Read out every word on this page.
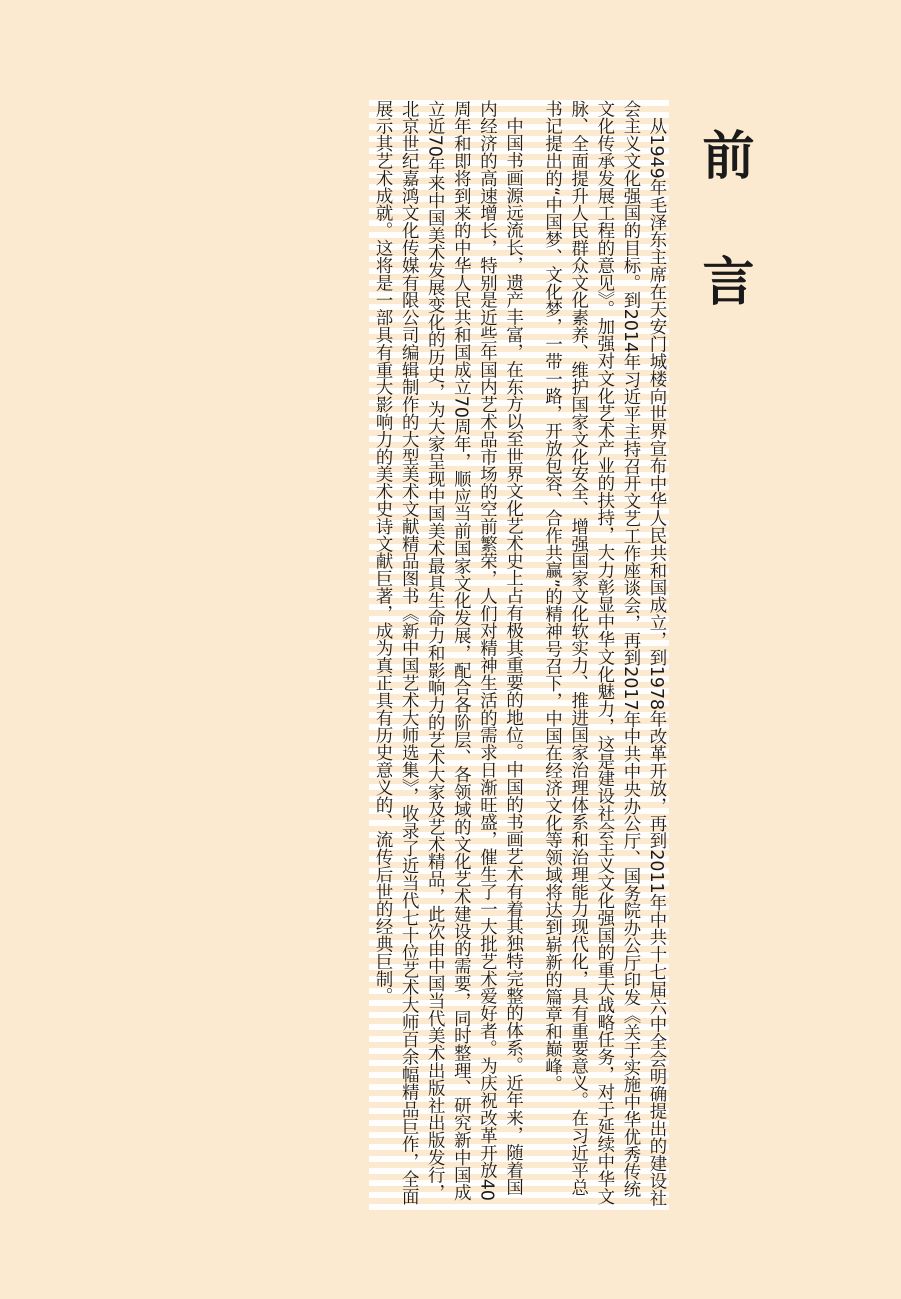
前 言

从1949年毛泽东主席在天安门城楼向世界宣布中华人民共和国成立，到1978年改革开放，再到2011年中共十七届六中全会明确提出的建设社会主义文化强国的目标。到2014年习近平主持召开文艺工作座谈会，再到2017年中共中央办公厅、国务院办公厅印发《关于实施中华优秀传统文化传承发展工程的意见》。加强对文化艺术产业的扶持，大力彰显中华文化魅力，这是建设社会主义文化强国的重大战略任务，对于延续中华文脉、全面提升人民群众文化素养、维护国家文化安全、增强国家文化软实力、推进国家治理体系和治理能力现代化，具有重要意义。在习近平总书记提出的“中国梦、文化梦，一带一路，开放包容、合作共赢”的精神号召下，中国在经济文化等领域将达到崭新的篇章和巅峰。

中国书画源远流长，遗产丰富，在东方以至世界文化艺术史上占有极其重要的地位。中国的书画艺术有着其独特完整的体系。近年来，随着国内经济的高速增长，特别是近些年国内艺术品市场的空前繁荣，人们对精神生活的需求日渐旺盛，催生了一大批艺术爱好者。为庆祝改革开放40周年和即将到来的中华人民共和国成立70周年，顺应当前国家文化发展，配合各阶层、各领域的文化艺术建设的需要，同时整理、研究新中国成立近70年来中国美术发展变化的历史，为大家呈现中国美术最具生命力和影响力的艺术大家及艺术精品，此次由中国当代美术出版社出版发行，北京世纪嘉鸿文化传媒有限公司编辑制作的大型美术文献精品图书《新中国艺术大师选集》，收录了近当代七十位艺术大师百余幅精品巨作，全面展示其艺术成就。这将是一部具有重大影响力的美术史诗文献巨著，成为真正具有历史意义的、流传后世的经典巨制。
